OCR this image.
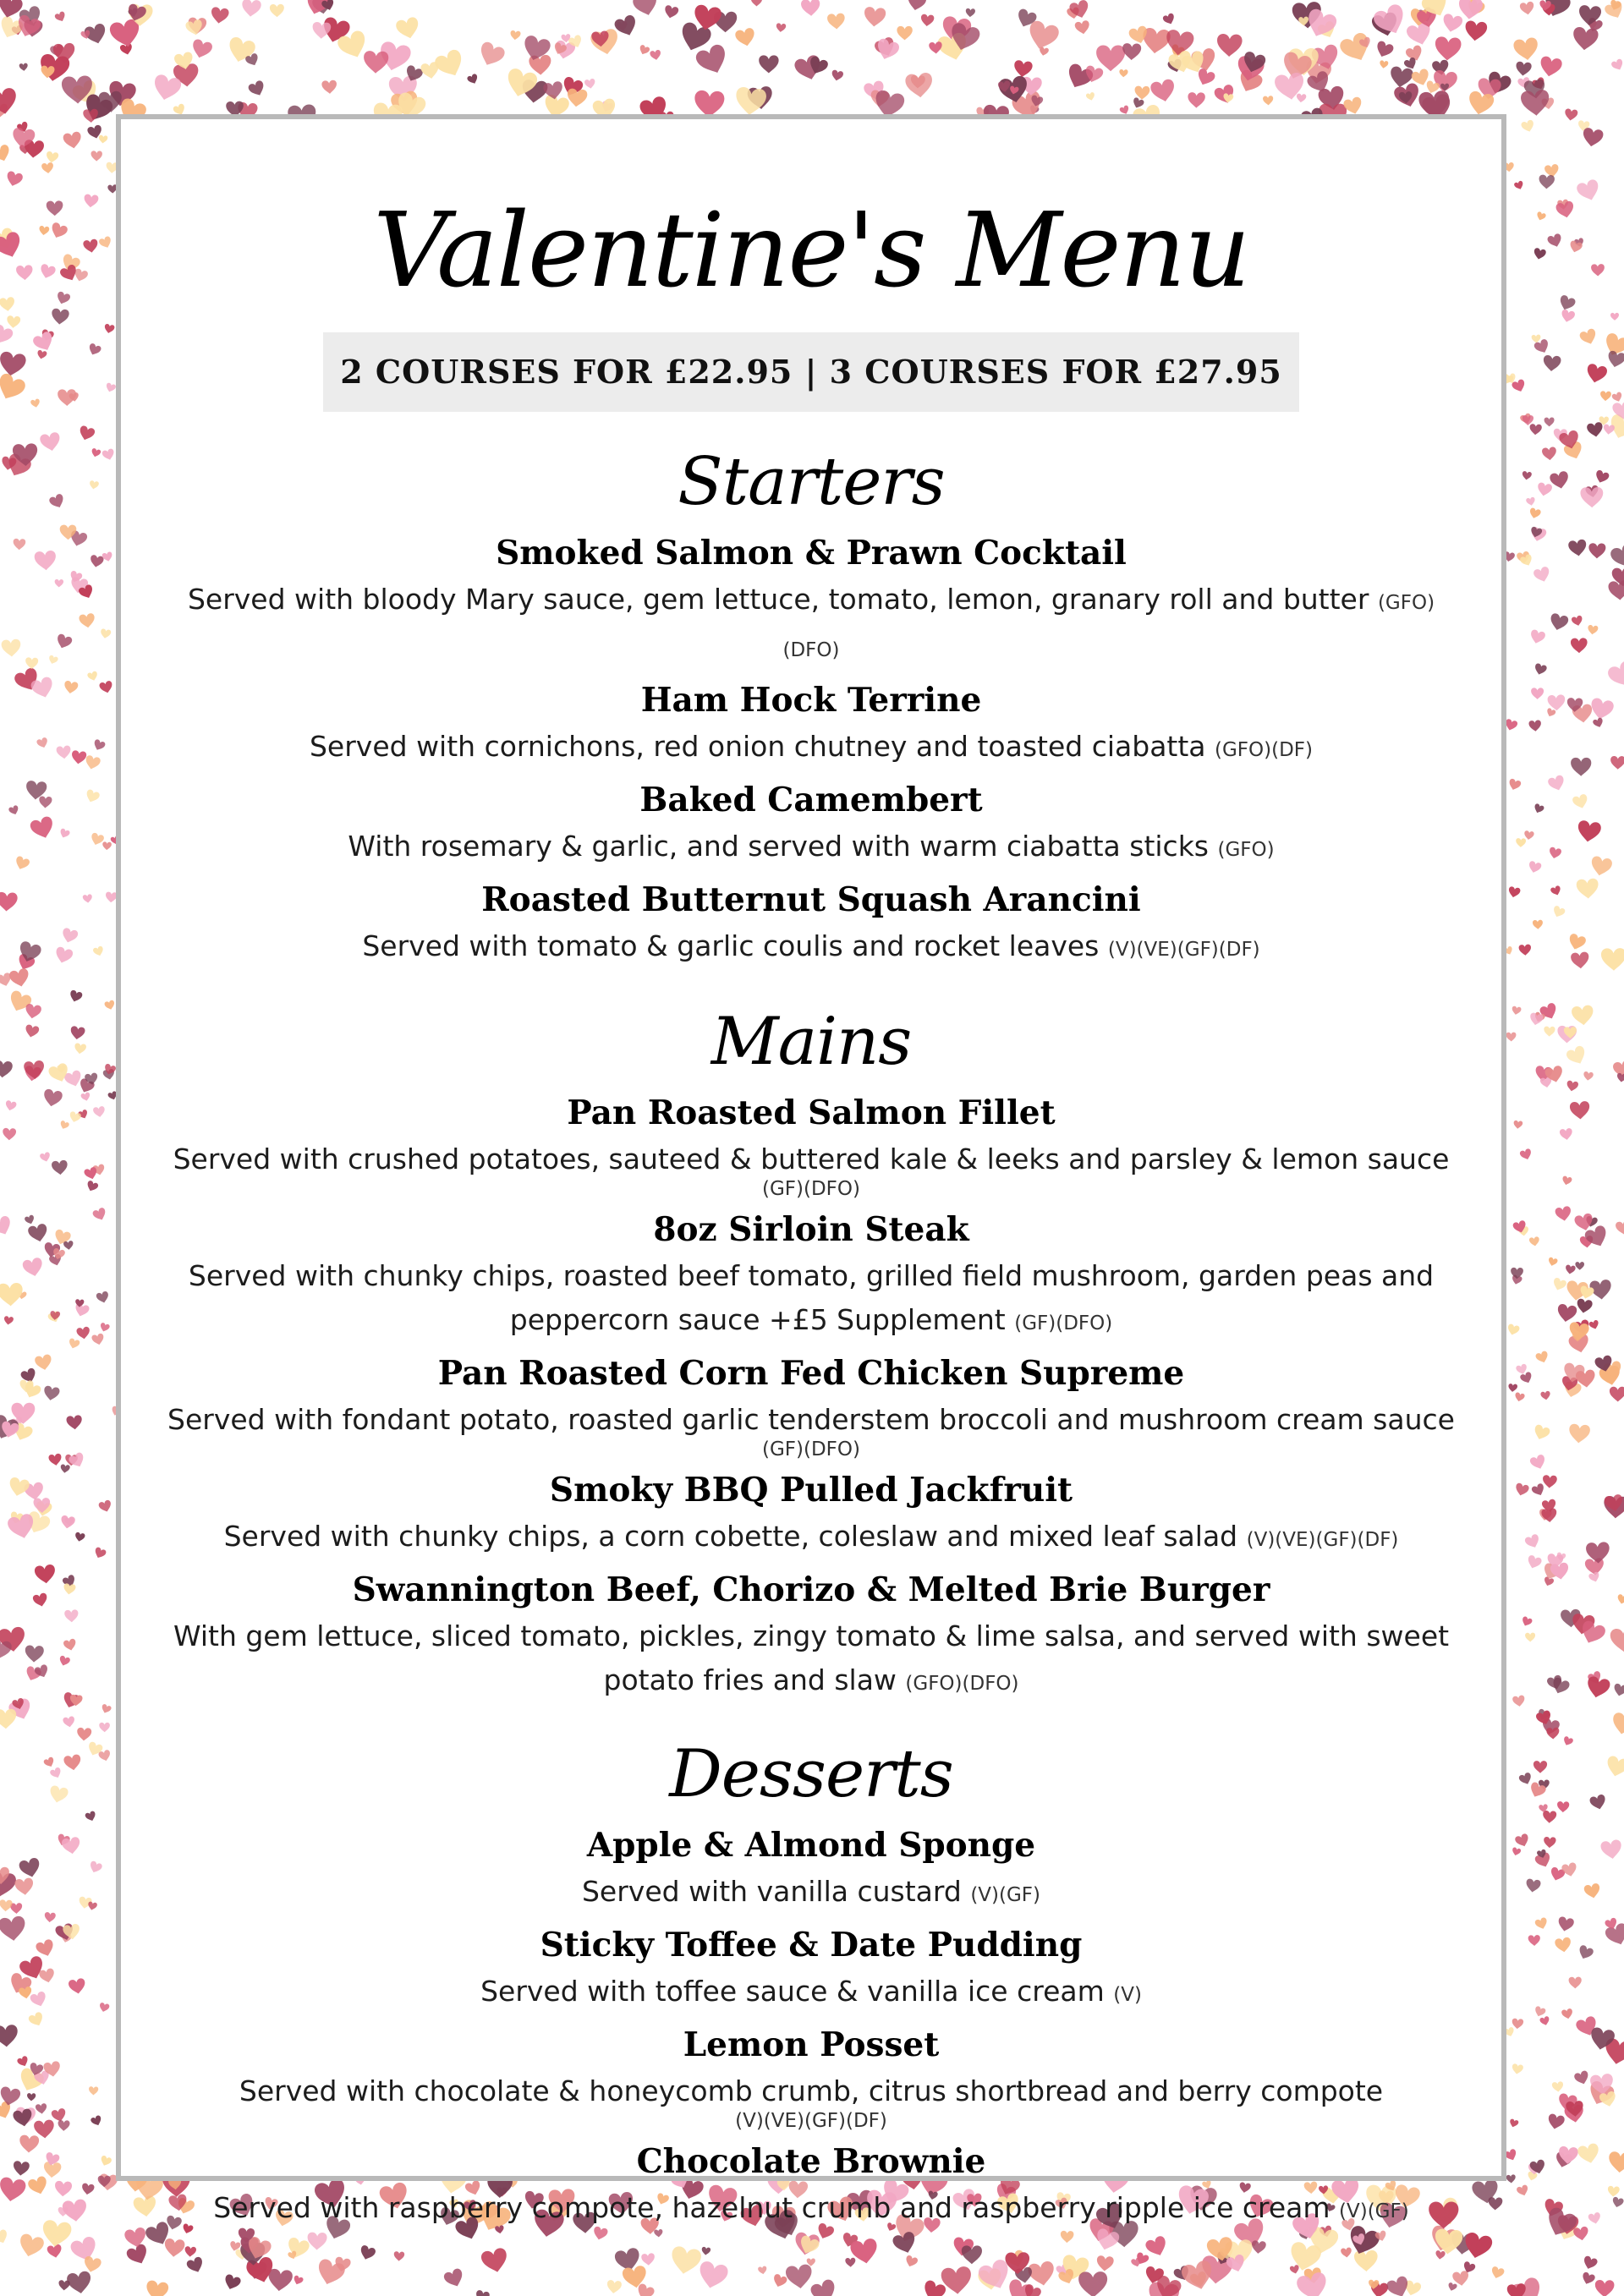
Valentine's Menu
2 COURSES FOR £22.95 | 3 COURSES FOR £27.95
Starters
Smoked Salmon & Prawn Cocktail
Served with bloody Mary sauce, gem lettuce, tomato, lemon, granary roll and butter (GFO)(DFO)
Ham Hock Terrine
Served with cornichons, red onion chutney and toasted ciabatta (GFO)(DF)
Baked Camembert
With rosemary & garlic, and served with warm ciabatta sticks (GFO)
Roasted Butternut Squash Arancini
Served with tomato & garlic coulis and rocket leaves (V)(VE)(GF)(DF)
Mains
Pan Roasted Salmon Fillet
Served with crushed potatoes, sauteed & buttered kale & leeks and parsley & lemon sauce
(GF)(DFO)
8oz Sirloin Steak
Served with chunky chips, roasted beef tomato, grilled field mushroom, garden peas and peppercorn sauce +£5 Supplement (GF)(DFO)
Pan Roasted Corn Fed Chicken Supreme
Served with fondant potato, roasted garlic tenderstem broccoli and mushroom cream sauce
(GF)(DFO)
Smoky BBQ Pulled Jackfruit
Served with chunky chips, a corn cobette, coleslaw and mixed leaf salad (V)(VE)(GF)(DF)
Swannington Beef, Chorizo & Melted Brie Burger
With gem lettuce, sliced tomato, pickles, zingy tomato & lime salsa, and served with sweet potato fries and slaw (GFO)(DFO)
Desserts
Apple & Almond Sponge
Served with vanilla custard (V)(GF)
Sticky Toffee & Date Pudding
Served with toffee sauce & vanilla ice cream (V)
Lemon Posset
Served with chocolate & honeycomb crumb, citrus shortbread and berry compote
(V)(VE)(GF)(DF)
Chocolate Brownie
Served with raspberry compote, hazelnut crumb and raspberry ripple ice cream (V)(GF)
